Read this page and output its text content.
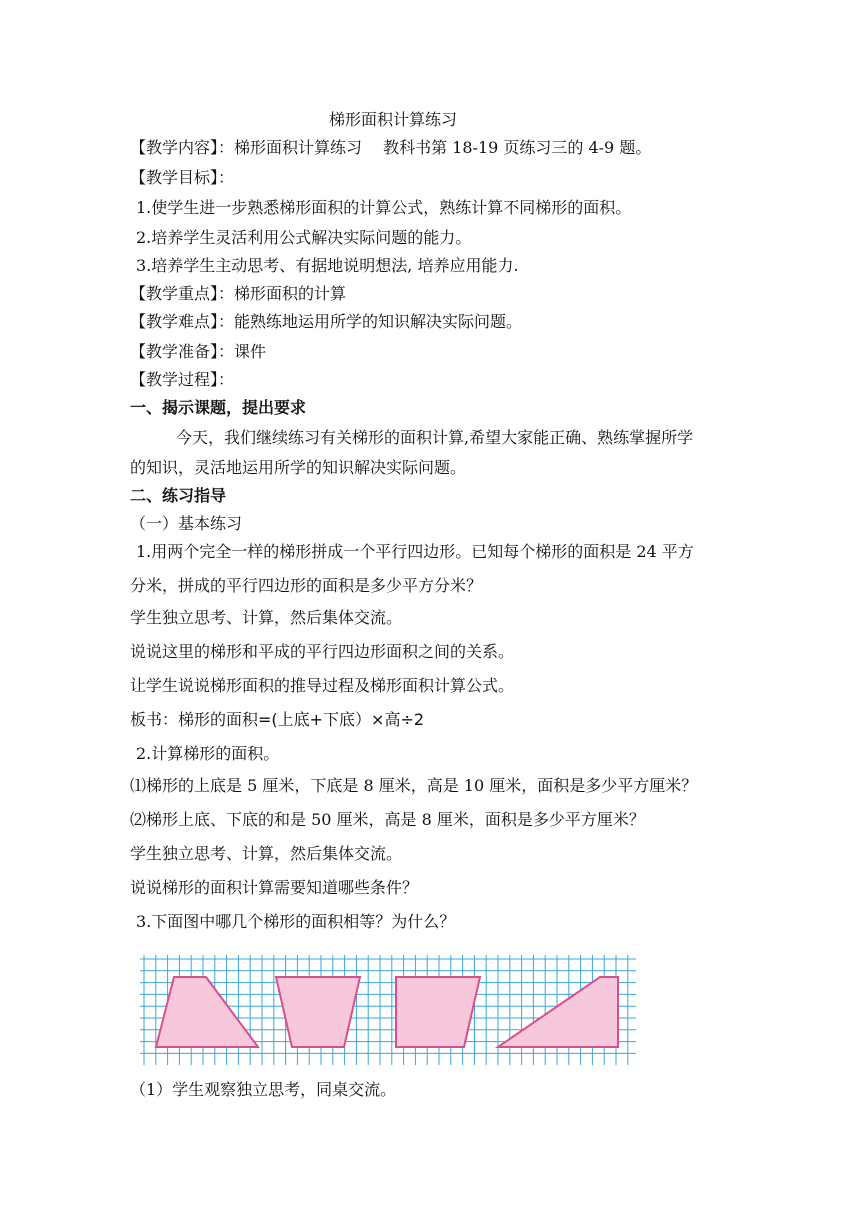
梯形面积计算练习
【教学内容】：梯形面积计算练习　 教科书第 18-19 页练习三的 4-9 题。
【教学目标】：
1.使学生进一步熟悉梯形面积的计算公式，熟练计算不同梯形的面积。
2.培养学生灵活利用公式解决实际问题的能力。
3.培养学生主动思考、有据地说明想法, 培养应用能力.
【教学重点】：梯形面积的计算
【教学难点】：能熟练地运用所学的知识解决实际问题。
【教学准备】：课件
【教学过程】：
一、揭示课题，提出要求
今天，我们继续练习有关梯形的面积计算,希望大家能正确、熟练掌握所学
的知识，灵活地运用所学的知识解决实际问题。
二、练习指导
（一）基本练习
1.用两个完全一样的梯形拼成一个平行四边形。已知每个梯形的面积是 24 平方
分米，拼成的平行四边形的面积是多少平方分米？
学生独立思考、计算，然后集体交流。
说说这里的梯形和平成的平行四边形面积之间的关系。
让学生说说梯形面积的推导过程及梯形面积计算公式。
板书：梯形的面积=(上底+下底）×高÷2
2.计算梯形的面积。
⑴梯形的上底是 5 厘米，下底是 8 厘米，高是 10 厘米，面积是多少平方厘米？
⑵梯形上底、下底的和是 50 厘米，高是 8 厘米，面积是多少平方厘米？
学生独立思考、计算，然后集体交流。
说说梯形的面积计算需要知道哪些条件？
3.下面图中哪几个梯形的面积相等？为什么？
（1）学生观察独立思考，同桌交流。
